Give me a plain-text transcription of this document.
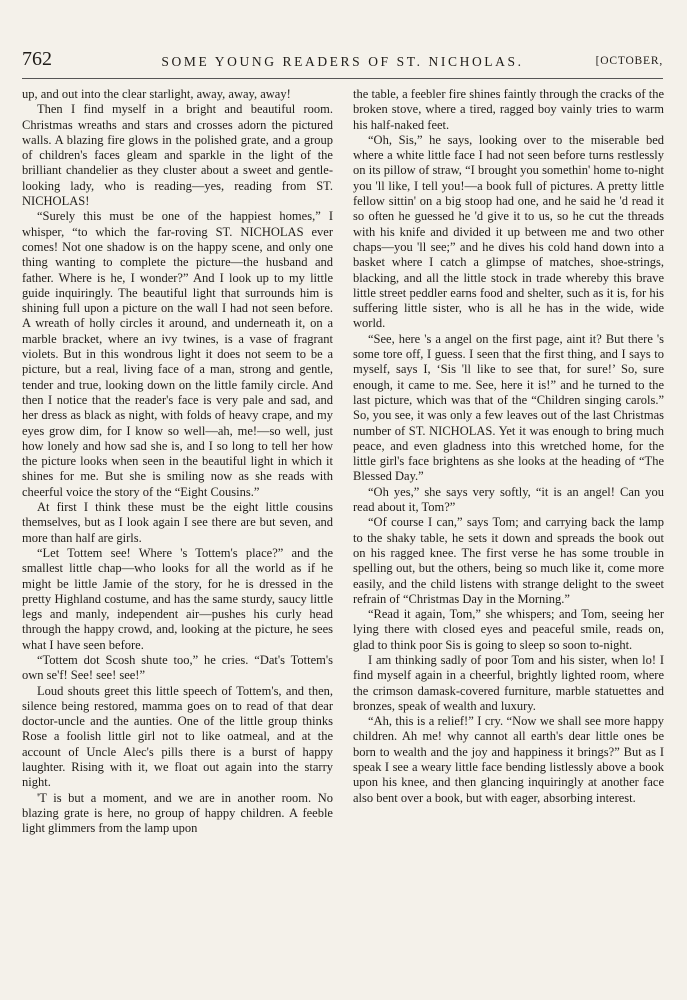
762	SOME YOUNG READERS OF ST. NICHOLAS.	[OCTOBER,

up, and out into the clear starlight, away, away, away!

Then I find myself in a bright and beautiful room. Christmas wreaths and stars and crosses adorn the pictured walls. A blazing fire glows in the polished grate, and a group of children's faces gleam and sparkle in the light of the brilliant chandelier as they cluster about a sweet and gentle-looking lady, who is reading—yes, reading from ST. NICHOLAS!

“Surely this must be one of the happiest homes,” I whisper, “to which the far-roving ST. NICHOLAS ever comes! Not one shadow is on the happy scene, and only one thing wanting to complete the picture—the husband and father. Where is he, I wonder?” And I look up to my little guide inquiringly. The beautiful light that surrounds him is shining full upon a picture on the wall I had not seen before. A wreath of holly circles it around, and underneath it, on a marble bracket, where an ivy twines, is a vase of fragrant violets. But in this wondrous light it does not seem to be a picture, but a real, living face of a man, strong and gentle, tender and true, looking down on the little family circle. And then I notice that the reader's face is very pale and sad, and her dress as black as night, with folds of heavy crape, and my eyes grow dim, for I know so well—ah, me!—so well, just how lonely and how sad she is, and I so long to tell her how the picture looks when seen in the beautiful light in which it shines for me. But she is smiling now as she reads with cheerful voice the story of the “Eight Cousins.”

At first I think these must be the eight little cousins themselves, but as I look again I see there are but seven, and more than half are girls.

“Let Tottem see! Where 's Tottem's place?” and the smallest little chap—who looks for all the world as if he might be little Jamie of the story, for he is dressed in the pretty Highland costume, and has the same sturdy, saucy little legs and manly, independent air—pushes his curly head through the happy crowd, and, looking at the picture, he sees what I have seen before.

“Tottem dot Scosh shute too,” he cries. “Dat's Tottem's own se'f! See! see! see!”

Loud shouts greet this little speech of Tottem's, and then, silence being restored, mamma goes on to read of that dear doctor-uncle and the aunties. One of the little group thinks Rose a foolish little girl not to like oatmeal, and at the account of Uncle Alec's pills there is a burst of happy laughter. Rising with it, we float out again into the starry night.

'T is but a moment, and we are in another room. No blazing grate is here, no group of happy children. A feeble light glimmers from the lamp upon

the table, a feebler fire shines faintly through the cracks of the broken stove, where a tired, ragged boy vainly tries to warm his half-naked feet.

“Oh, Sis,” he says, looking over to the miserable bed where a white little face I had not seen before turns restlessly on its pillow of straw, “I brought you somethin' home to-night you 'll like, I tell you!—a book full of pictures. A pretty little fellow sittin' on a big stoop had one, and he said he 'd read it so often he guessed he 'd give it to us, so he cut the threads with his knife and divided it up between me and two other chaps—you 'll see;” and he dives his cold hand down into a basket where I catch a glimpse of matches, shoe-strings, blacking, and all the little stock in trade whereby this brave little street peddler earns food and shelter, such as it is, for his suffering little sister, who is all he has in the wide, wide world.

“See, here 's a angel on the first page, aint it? But there 's some tore off, I guess. I seen that the first thing, and I says to myself, says I, ‘Sis 'll like to see that, for sure!’ So, sure enough, it came to me. See, here it is!” and he turned to the last picture, which was that of the “Children singing carols.” So, you see, it was only a few leaves out of the last Christmas number of ST. NICHOLAS. Yet it was enough to bring much peace, and even gladness into this wretched home, for the little girl's face brightens as she looks at the heading of “The Blessed Day.”

“Oh yes,” she says very softly, “it is an angel! Can you read about it, Tom?”

“Of course I can,” says Tom; and carrying back the lamp to the shaky table, he sets it down and spreads the book out on his ragged knee. The first verse he has some trouble in spelling out, but the others, being so much like it, come more easily, and the child listens with strange delight to the sweet refrain of “Christmas Day in the Morning.”

“Read it again, Tom,” she whispers; and Tom, seeing her lying there with closed eyes and peaceful smile, reads on, glad to think poor Sis is going to sleep so soon to-night.

I am thinking sadly of poor Tom and his sister, when lo! I find myself again in a cheerful, brightly lighted room, where the crimson damask-covered furniture, marble statuettes and bronzes, speak of wealth and luxury.

“Ah, this is a relief!” I cry. “Now we shall see more happy children. Ah me! why cannot all earth's dear little ones be born to wealth and the joy and happiness it brings?” But as I speak I see a weary little face bending listlessly above a book upon his knee, and then glancing inquiringly at another face also bent over a book, but with eager, absorbing interest.
